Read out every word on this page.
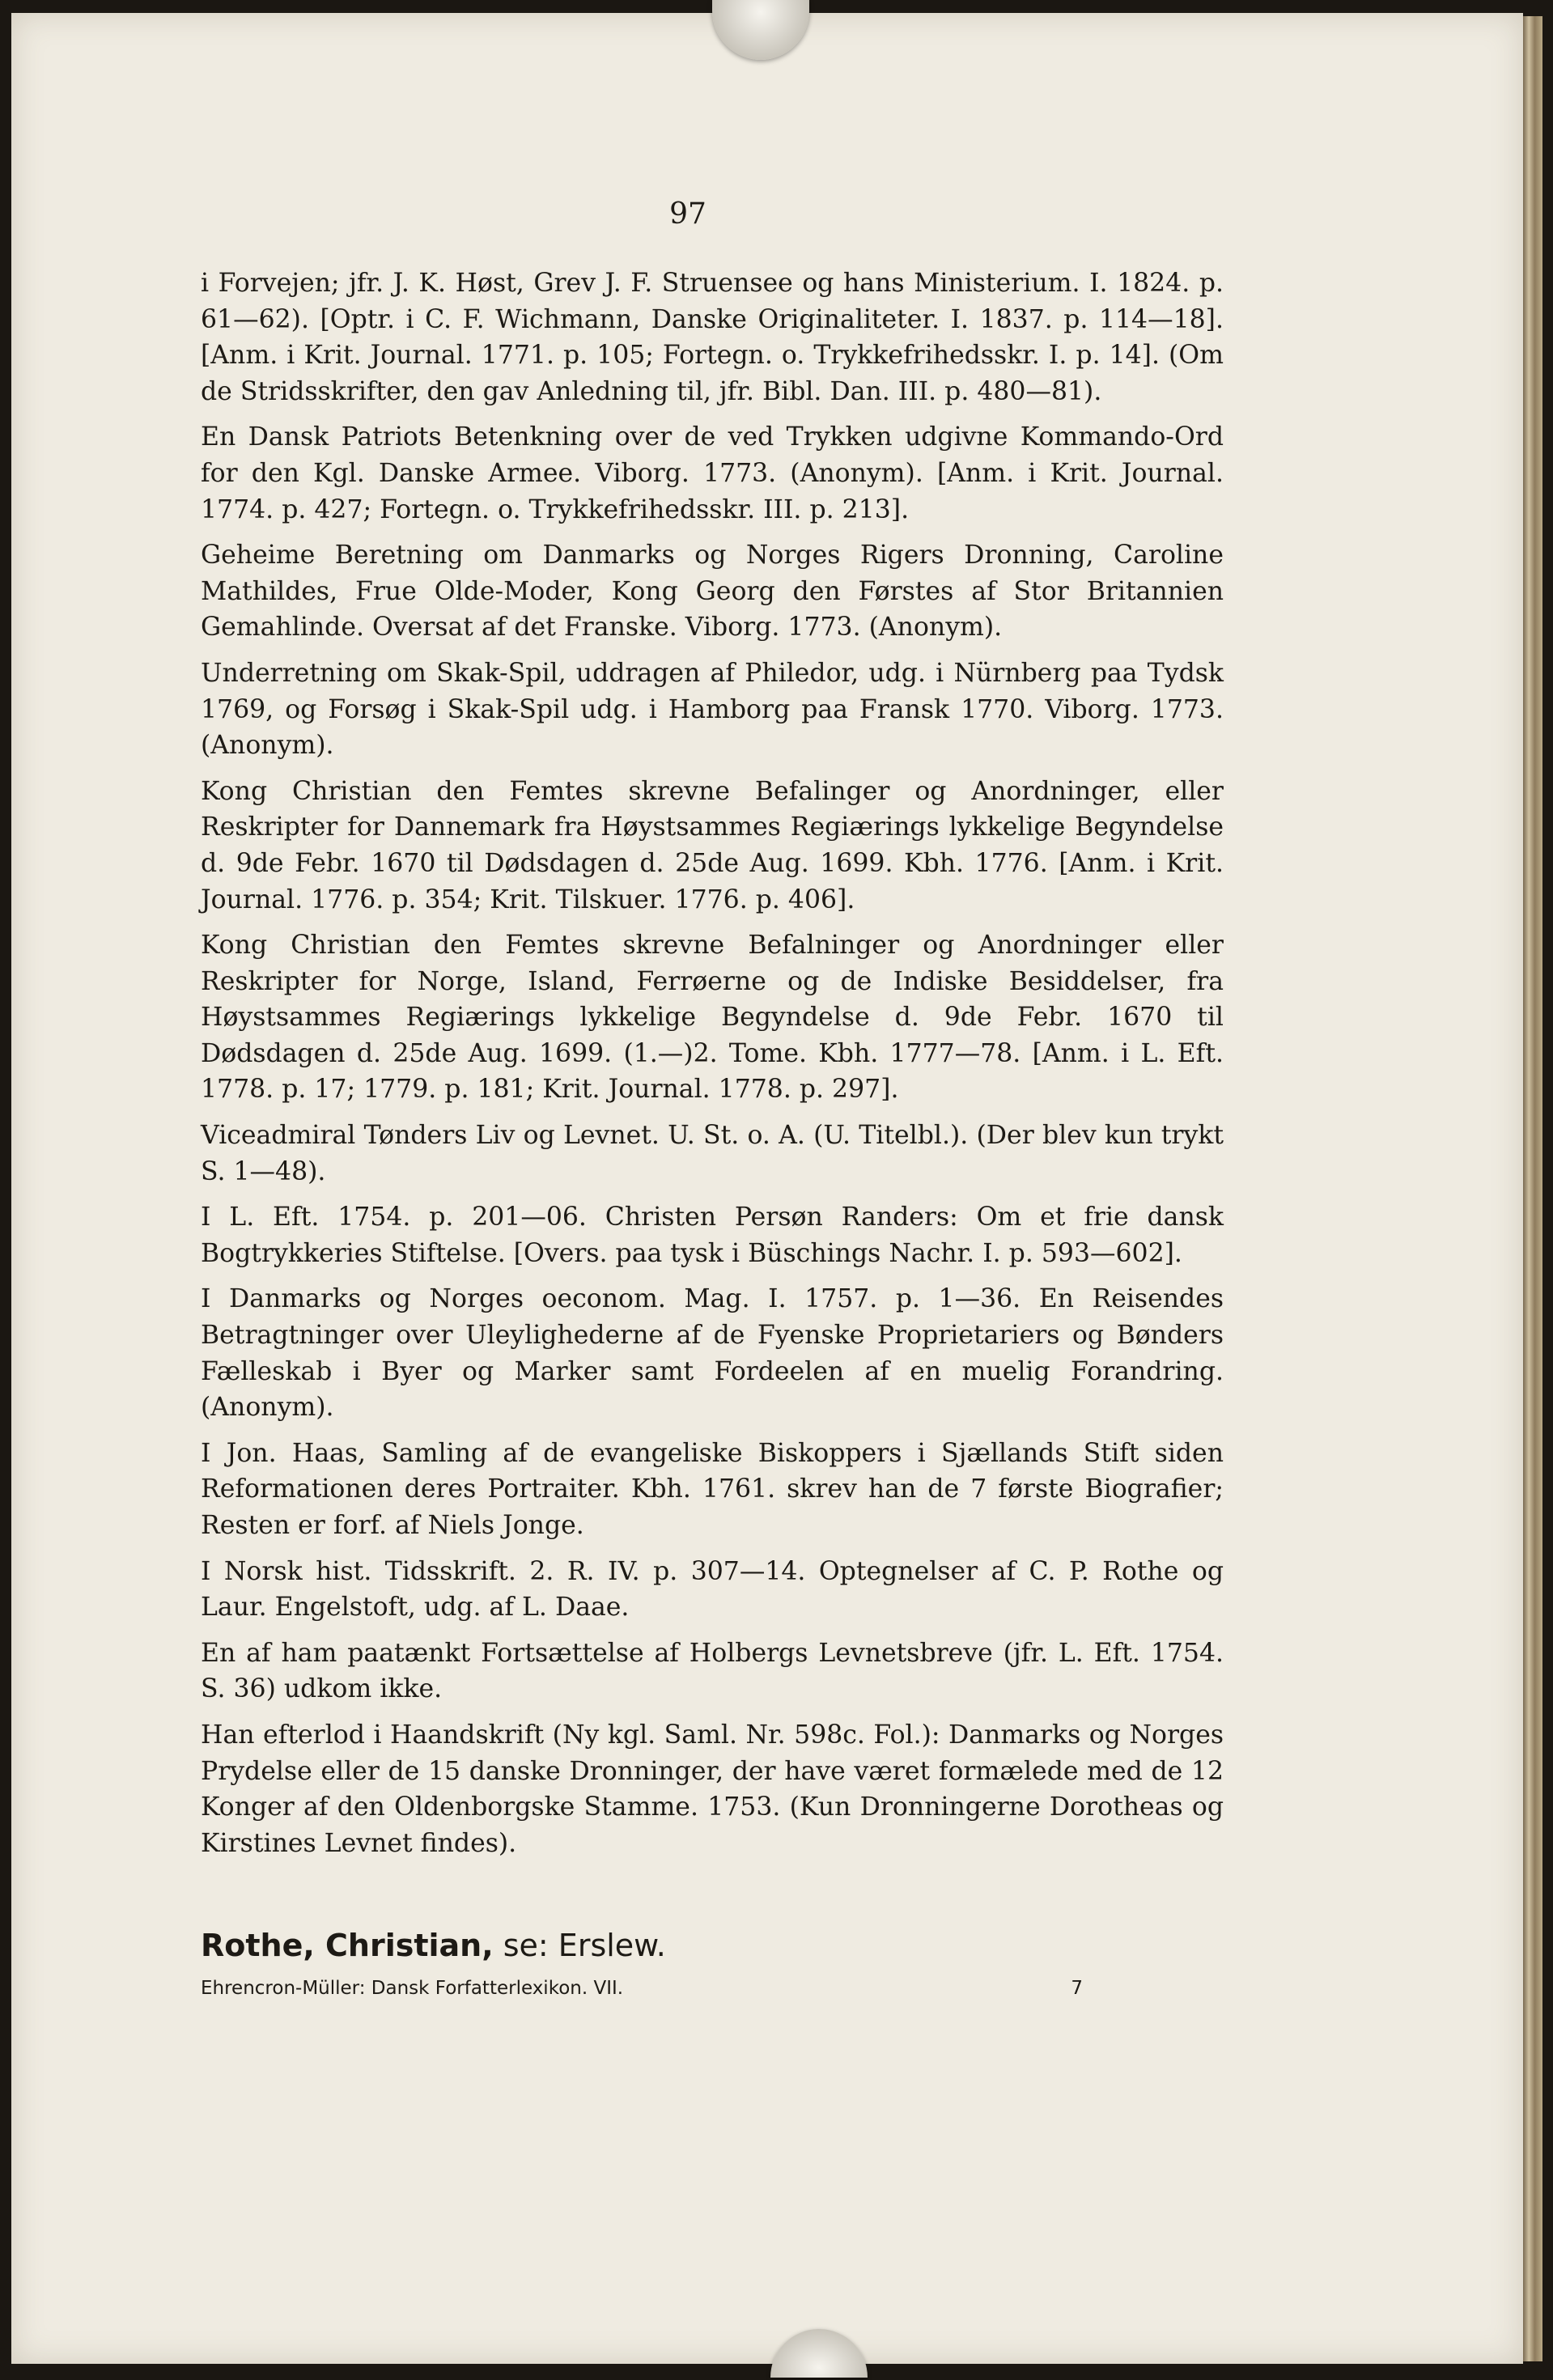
97

i Forvejen; jfr. J. K. Høst, Grev J. F. Struensee og hans Ministerium. I. 1824. p. 61—62). [Optr. i C. F. Wichmann, Danske Originaliteter. I. 1837. p. 114—18]. [Anm. i Krit. Journal. 1771. p. 105; Fortegn. o. Trykkefrihedsskr. I. p. 14]. (Om de Stridsskrifter, den gav Anledning til, jfr. Bibl. Dan. III. p. 480—81).

En Dansk Patriots Betenkning over de ved Trykken udgivne Kommando-Ord for den Kgl. Danske Armee. Viborg. 1773. (Anonym). [Anm. i Krit. Journal. 1774. p. 427; Fortegn. o. Trykkefrihedsskr. III. p. 213].

Geheime Beretning om Danmarks og Norges Rigers Dronning, Caroline Mathildes, Frue Olde-Moder, Kong Georg den Førstes af Stor Britannien Gemahlinde. Oversat af det Franske. Viborg. 1773. (Anonym).

Underretning om Skak-Spil, uddragen af Philedor, udg. i Nürnberg paa Tydsk 1769, og Forsøg i Skak-Spil udg. i Hamborg paa Fransk 1770. Viborg. 1773. (Anonym).

Kong Christian den Femtes skrevne Befalinger og Anordninger, eller Reskripter for Dannemark fra Høystsammes Regiærings lykkelige Begyndelse d. 9de Febr. 1670 til Dødsdagen d. 25de Aug. 1699. Kbh. 1776. [Anm. i Krit. Journal. 1776. p. 354; Krit. Tilskuer. 1776. p. 406].

Kong Christian den Femtes skrevne Befalninger og Anordninger eller Reskripter for Norge, Island, Ferrøerne og de Indiske Besiddelser, fra Høystsammes Regiærings lykkelige Begyndelse d. 9de Febr. 1670 til Dødsdagen d. 25de Aug. 1699. (1.—)2. Tome. Kbh. 1777—78. [Anm. i L. Eft. 1778. p. 17; 1779. p. 181; Krit. Journal. 1778. p. 297].

Viceadmiral Tønders Liv og Levnet. U. St. o. A. (U. Titelbl.). (Der blev kun trykt S. 1—48).

I L. Eft. 1754. p. 201—06. Christen Persøn Randers: Om et frie dansk Bogtrykkeries Stiftelse. [Overs. paa tysk i Büschings Nachr. I. p. 593—602].

I Danmarks og Norges oeconom. Mag. I. 1757. p. 1—36. En Reisendes Betragtninger over Uleylighederne af de Fyenske Proprietariers og Bønders Fælleskab i Byer og Marker samt Fordeelen af en muelig Forandring. (Anonym).

I Jon. Haas, Samling af de evangeliske Biskoppers i Sjællands Stift siden Reformationen deres Portraiter. Kbh. 1761. skrev han de 7 første Biografier; Resten er forf. af Niels Jonge.

I Norsk hist. Tidsskrift. 2. R. IV. p. 307—14. Optegnelser af C. P. Rothe og Laur. Engelstoft, udg. af L. Daae.

En af ham paatænkt Fortsættelse af Holbergs Levnetsbreve (jfr. L. Eft. 1754. S. 36) udkom ikke.

Han efterlod i Haandskrift (Ny kgl. Saml. Nr. 598c. Fol.): Danmarks og Norges Prydelse eller de 15 danske Dronninger, der have været formælede med de 12 Konger af den Oldenborgske Stamme. 1753. (Kun Dronningerne Dorotheas og Kirstines Levnet findes).

Rothe, Christian, se: Erslew.
Ehrencron-Müller: Dansk Forfatterlexikon. VII.	7
